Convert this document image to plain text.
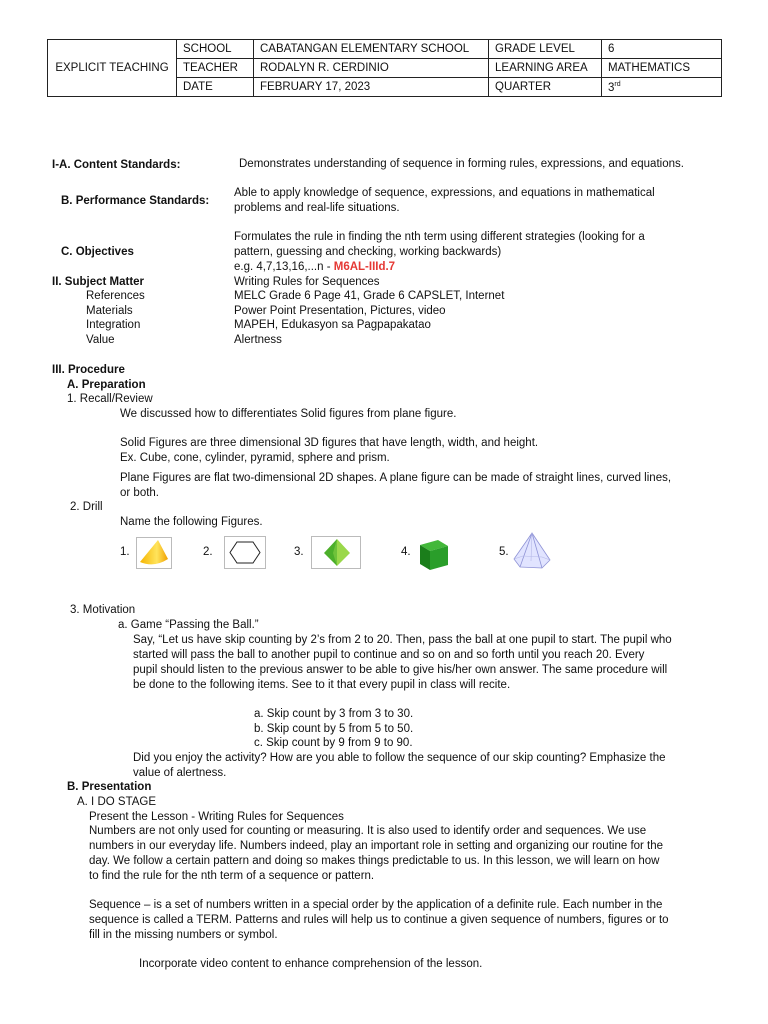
EXPLICIT TEACHING	SCHOOL	CABATANGAN ELEMENTARY SCHOOL	GRADE LEVEL	6
	TEACHER	RODALYN R. CERDINIO	LEARNING AREA	MATHEMATICS
	DATE	FEBRUARY 17, 2023	QUARTER	3rd
I-A. Content Standards:	Demonstrates understanding of sequence in forming rules, expressions, and equations.
B. Performance Standards:
Able to apply knowledge of sequence, expressions, and equations in mathematical
problems and real-life situations.
C. Objectives
Formulates the rule in finding the nth term using different strategies (looking for a
pattern, guessing and checking, working backwards)
e.g. 4,7,13,16,...n - M6AL-IIId.7
II. Subject Matter	Writing Rules for Sequences
References	MELC Grade 6 Page 41, Grade 6 CAPSLET, Internet
Materials	Power Point Presentation, Pictures, video
Integration	MAPEH, Edukasyon sa Pagpapakatao
Value	Alertness
III. Procedure
A. Preparation
1. Recall/Review
We discussed how to differentiates Solid figures from plane figure.
Solid Figures are three dimensional 3D figures that have length, width, and height.
Ex. Cube, cone, cylinder, pyramid, sphere and prism.
Plane Figures are flat two-dimensional 2D shapes. A plane figure can be made of straight lines, curved lines,
or both.
2. Drill
Name the following Figures.
1.	2.	3.	4.	5.
3. Motivation
a. Game “Passing the Ball.”
Say, “Let us have skip counting by 2’s from 2 to 20. Then, pass the ball at one pupil to start. The pupil who
started will pass the ball to another pupil to continue and so on and so forth until you reach 20. Every
pupil should listen to the previous answer to be able to give his/her own answer. The same procedure will
be done to the following items. See to it that every pupil in class will recite.
a. Skip count by 3 from 3 to 30.
b. Skip count by 5 from 5 to 50.
c. Skip count by 9 from 9 to 90.
Did you enjoy the activity? How are you able to follow the sequence of our skip counting? Emphasize the
value of alertness.
B. Presentation
A. I DO STAGE
Present the Lesson - Writing Rules for Sequences
Numbers are not only used for counting or measuring. It is also used to identify order and sequences. We use
numbers in our everyday life. Numbers indeed, play an important role in setting and organizing our routine for the
day. We follow a certain pattern and doing so makes things predictable to us. In this lesson, we will learn on how
to find the rule for the nth term of a sequence or pattern.
Sequence – is a set of numbers written in a special order by the application of a definite rule. Each number in the
sequence is called a TERM. Patterns and rules will help us to continue a given sequence of numbers, figures or to
fill in the missing numbers or symbol.
Incorporate video content to enhance comprehension of the lesson.
